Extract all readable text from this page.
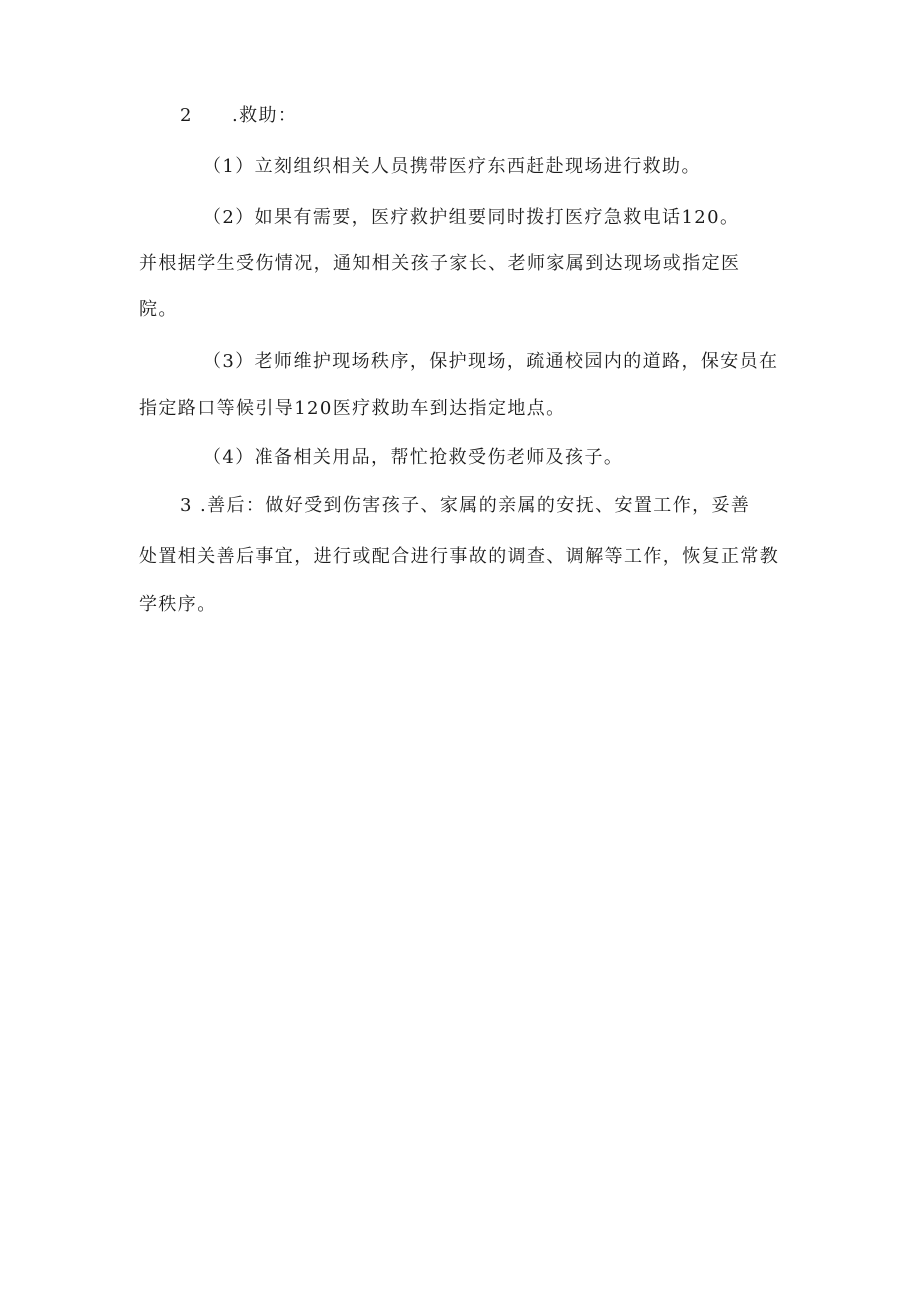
2 .救助：
（1）立刻组织相关人员携带医疗东西赶赴现场进行救助。
（2）如果有需要，医疗救护组要同时拨打医疗急救电话120。
并根据学生受伤情况，通知相关孩子家长、老师家属到达现场或指定医
院。
（3）老师维护现场秩序，保护现场，疏通校园内的道路，保安员在
指定路口等候引导120医疗救助车到达指定地点。
（4）准备相关用品，帮忙抢救受伤老师及孩子。
3 .善后：做好受到伤害孩子、家属的亲属的安抚、安置工作，妥善
处置相关善后事宜，进行或配合进行事故的调查、调解等工作，恢复正常教
学秩序。
